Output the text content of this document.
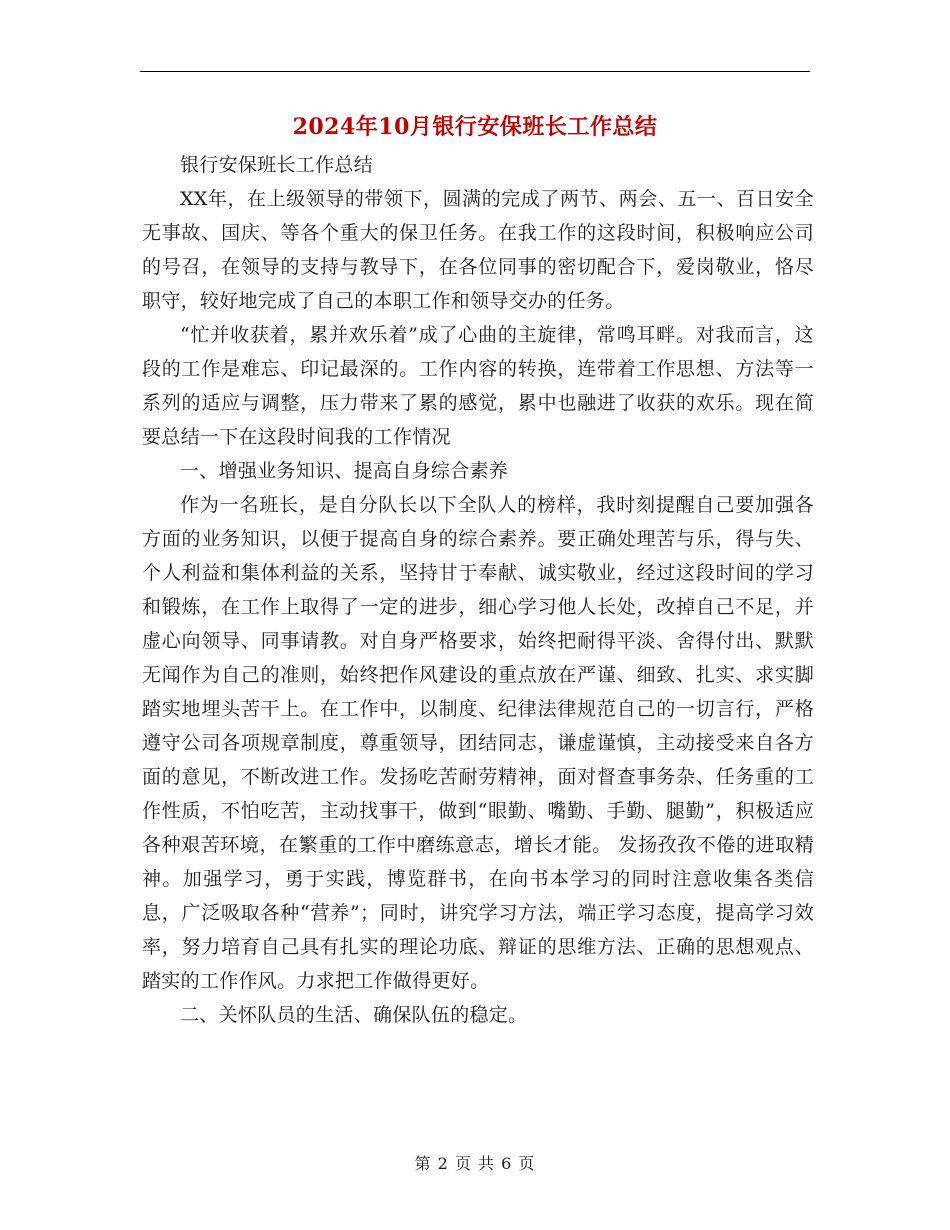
2024年10月银行安保班长工作总结

银行安保班长工作总结

XX年，在上级领导的带领下，圆满的完成了两节、两会、五一、百日安全无事故、国庆、等各个重大的保卫任务。在我工作的这段时间，积极响应公司的号召，在领导的支持与教导下，在各位同事的密切配合下，爱岗敬业，恪尽职守，较好地完成了自己的本职工作和领导交办的任务。

“忙并收获着，累并欢乐着”成了心曲的主旋律，常鸣耳畔。对我而言，这段的工作是难忘、印记最深的。工作内容的转换，连带着工作思想、方法等一系列的适应与调整，压力带来了累的感觉，累中也融进了收获的欢乐。现在简要总结一下在这段时间我的工作情况

一、增强业务知识、提高自身综合素养

作为一名班长，是自分队长以下全队人的榜样，我时刻提醒自己要加强各方面的业务知识，以便于提高自身的综合素养。要正确处理苦与乐，得与失、个人利益和集体利益的关系，坚持甘于奉献、诚实敬业，经过这段时间的学习和锻炼，在工作上取得了一定的进步，细心学习他人长处，改掉自己不足，并虚心向领导、同事请教。对自身严格要求，始终把耐得平淡、舍得付出、默默无闻作为自己的准则，始终把作风建设的重点放在严谨、细致、扎实、求实脚踏实地埋头苦干上。在工作中，以制度、纪律法律规范自己的一切言行，严格遵守公司各项规章制度，尊重领导，团结同志，谦虚谨慎，主动接受来自各方面的意见，不断改进工作。发扬吃苦耐劳精神，面对督查事务杂、任务重的工作性质，不怕吃苦，主动找事干，做到“眼勤、嘴勤、手勤、腿勤”，积极适应各种艰苦环境，在繁重的工作中磨练意志，增长才能。 发扬孜孜不倦的进取精神。加强学习，勇于实践，博览群书，在向书本学习的同时注意收集各类信息，广泛吸取各种“营养”；同时，讲究学习方法，端正学习态度，提高学习效率，努力培育自己具有扎实的理论功底、辩证的思维方法、正确的思想观点、踏实的工作作风。力求把工作做得更好。

二、关怀队员的生活、确保队伍的稳定。

第 2 页 共 6 页
